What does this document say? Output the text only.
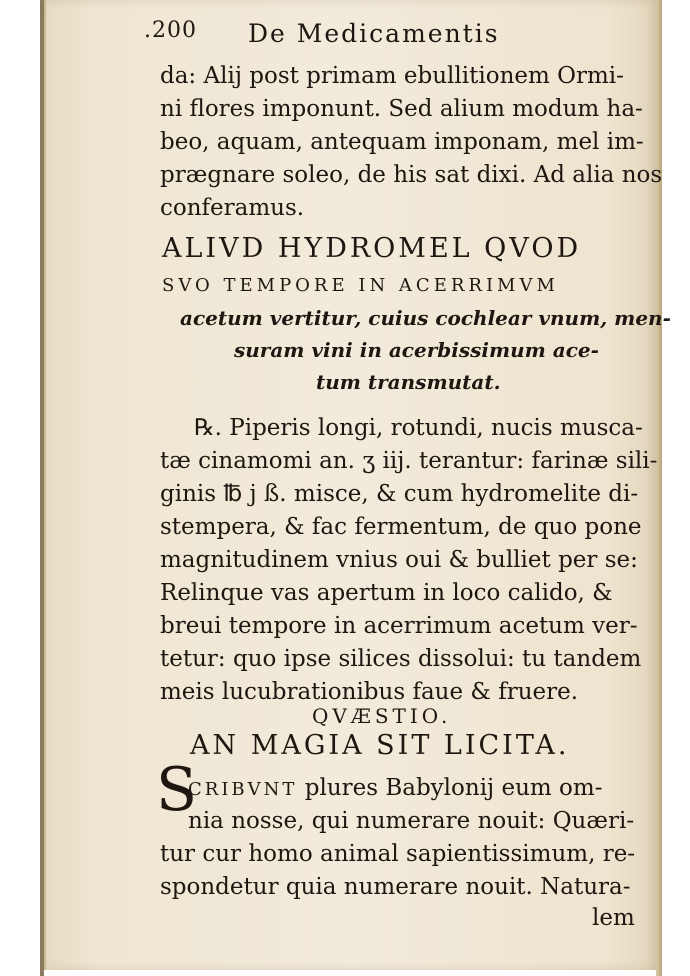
.200 De Medicamentis
da: Alij post primam ebullitionem Ormi-
ni flores imponunt. Sed alium modum ha-
beo, aquam, antequam imponam, mel im-
prægnare soleo, de his sat dixi. Ad alia nos
conferamus.
ALIVD HYDROMEL QVOD
SVO TEMPORE IN ACERRIMVM
acetum vertitur, cuius cochlear vnum, men-
suram vini in acerbissimum ace-
tum transmutat.
℞. Piperis longi, rotundi, nucis musca-
tæ cinamomi an. ʒ iij. terantur: farinæ sili-
ginis ℔ j ß. misce, & cum hydromelite di-
stempera, & fac fermentum, de quo pone
magnitudinem vnius oui & bulliet per se:
Relinque vas apertum in loco calido, &
breui tempore in acerrimum acetum ver-
tetur: quo ipse silices dissolui: tu tandem
meis lucubrationibus faue & fruere.
QVÆSTIO.
AN MAGIA SIT LICITA.
S
CRIBVNT plures Babylonij eum om-
nia nosse, qui numerare nouit: Quæri-
tur cur homo animal sapientissimum, re-
spondetur quia numerare nouit. Natura-
lem
